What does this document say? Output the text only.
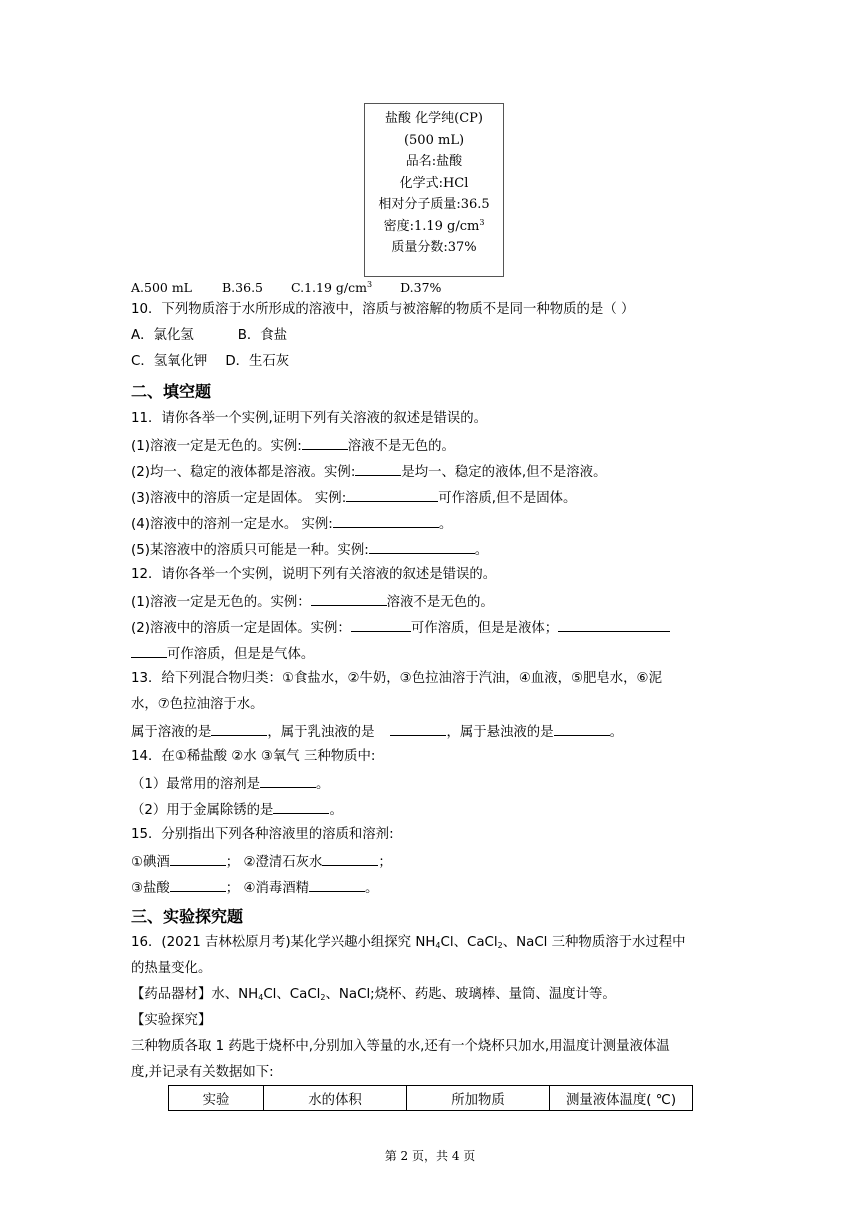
盐酸 化学纯(CP)
(500 mL)
品名:盐酸
化学式:HCl
相对分子质量:36.5
密度:1.19 $g/cm^3$
质量分数:37%
A.500 mL B.36.5 C.1.19 $g/cm^3$ D.37%
10．下列物质溶于水所形成的溶液中，溶质与被溶解的物质不是同一种物质的是（ ）
A．氯化氢	B．食盐
C．氢氧化钾 D．生石灰
二、填空题
11．请你各举一个实例,证明下列有关溶液的叙述是错误的。
(1)溶液一定是无色的。实例:	溶液不是无色的。
(2)均一、稳定的液体都是溶液。实例:	是均一、稳定的液体,但不是溶液。
(3)溶液中的溶质一定是固体。 实例:	可作溶质,但不是固体。
(4)溶液中的溶剂一定是水。 实例:	。
(5)某溶液中的溶质只可能是一种。实例:	。
12．请你各举一个实例，说明下列有关溶液的叙述是错误的。
(1)溶液一定是无色的。实例：	溶液不是无色的。
(2)溶液中的溶质一定是固体。实例：	可作溶质，但是是液体；
可作溶质，但是是气体。
13．给下列混合物归类：①食盐水，②牛奶，③色拉油溶于汽油，④血液，⑤肥皂水，⑥泥
水，⑦色拉油溶于水。
属于溶液的是	，属于乳浊液的是	，属于悬浊液的是	。
14．在①稀盐酸 ②水 ③氧气 三种物质中:
（1）最常用的溶剂是	。
（2）用于金属除锈的是	。
15．分别指出下列各种溶液里的溶质和溶剂:
①碘酒	； ②澄清石灰水	；
③盐酸	； ④消毒酒精	。
三、实验探究题
16．(2021 吉林松原月考)某化学兴趣小组探究 $NH_4Cl$、CaCl$_2$、NaCl 三种物质溶于水过程中
的热量变化。
【药品器材】水、$NH_4Cl$、CaCl$_2$、NaCl;烧杯、药匙、玻璃棒、量筒、温度计等。
【实验探究】
三种物质各取 1 药匙于烧杯中,分别加入等量的水,还有一个烧杯只加水,用温度计测量液体温
度,并记录有关数据如下:
实验	水的体积	所加物质	测量液体温度( ℃)
第 2 页，共 4 页
